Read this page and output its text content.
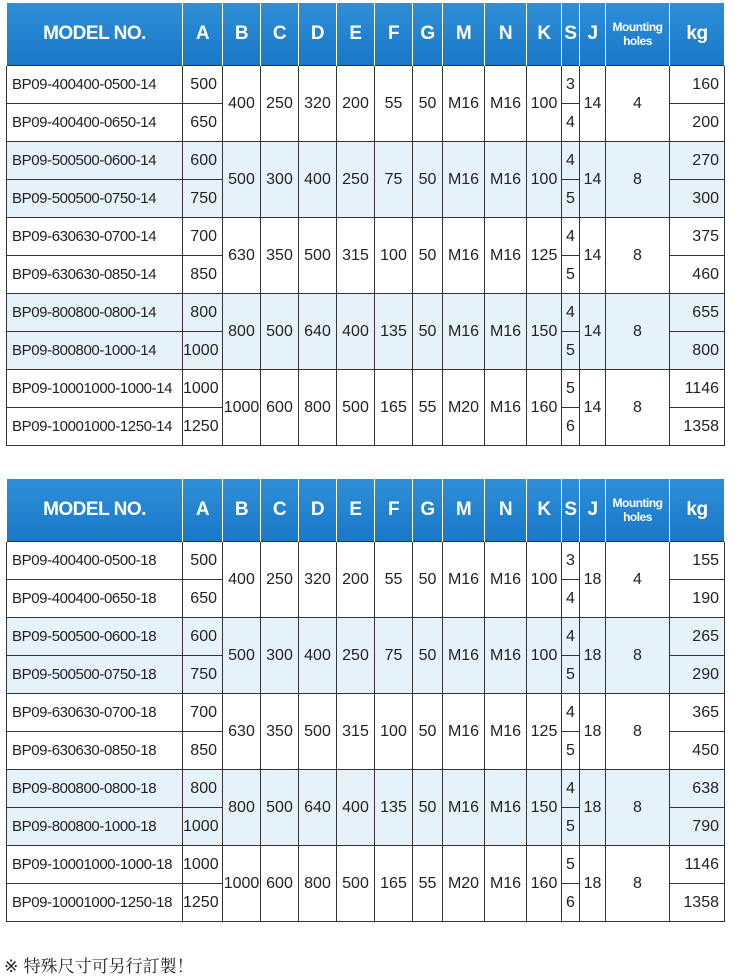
MODEL NO.	A	B	C	D	E	F	G	M	N	K	S	J	Mounting
holes	kg
BP09-400400-0500-14	500	400	250	320	200	55	50	M16	M16	100	3	14	4	160
BP09-400400-0650-14	650										4			200
BP09-500500-0600-14	600	500	300	400	250	75	50	M16	M16	100	4	14	8	270
BP09-500500-0750-14	750										5			300
BP09-630630-0700-14	700	630	350	500	315	100	50	M16	M16	125	4	14	8	375
BP09-630630-0850-14	850										5			460
BP09-800800-0800-14	800	800	500	640	400	135	50	M16	M16	150	4	14	8	655
BP09-800800-1000-14	1000										5			800
BP09-10001000-1000-14	1000	1000	600	800	500	165	55	M20	M16	160	5	14	8	1146
BP09-10001000-1250-14	1250										6			1358
MODEL NO.	A	B	C	D	E	F	G	M	N	K	S	J	Mounting
holes	kg
BP09-400400-0500-18	500	400	250	320	200	55	50	M16	M16	100	3	18	4	155
BP09-400400-0650-18	650										4			190
BP09-500500-0600-18	600	500	300	400	250	75	50	M16	M16	100	4	18	8	265
BP09-500500-0750-18	750										5			290
BP09-630630-0700-18	700	630	350	500	315	100	50	M16	M16	125	4	18	8	365
BP09-630630-0850-18	850										5			450
BP09-800800-0800-18	800	800	500	640	400	135	50	M16	M16	150	4	18	8	638
BP09-800800-1000-18	1000										5			790
BP09-10001000-1000-18	1000	1000	600	800	500	165	55	M20	M16	160	5	18	8	1146
BP09-10001000-1250-18	1250										6			1358
※ 特殊尺寸可另行訂製！
